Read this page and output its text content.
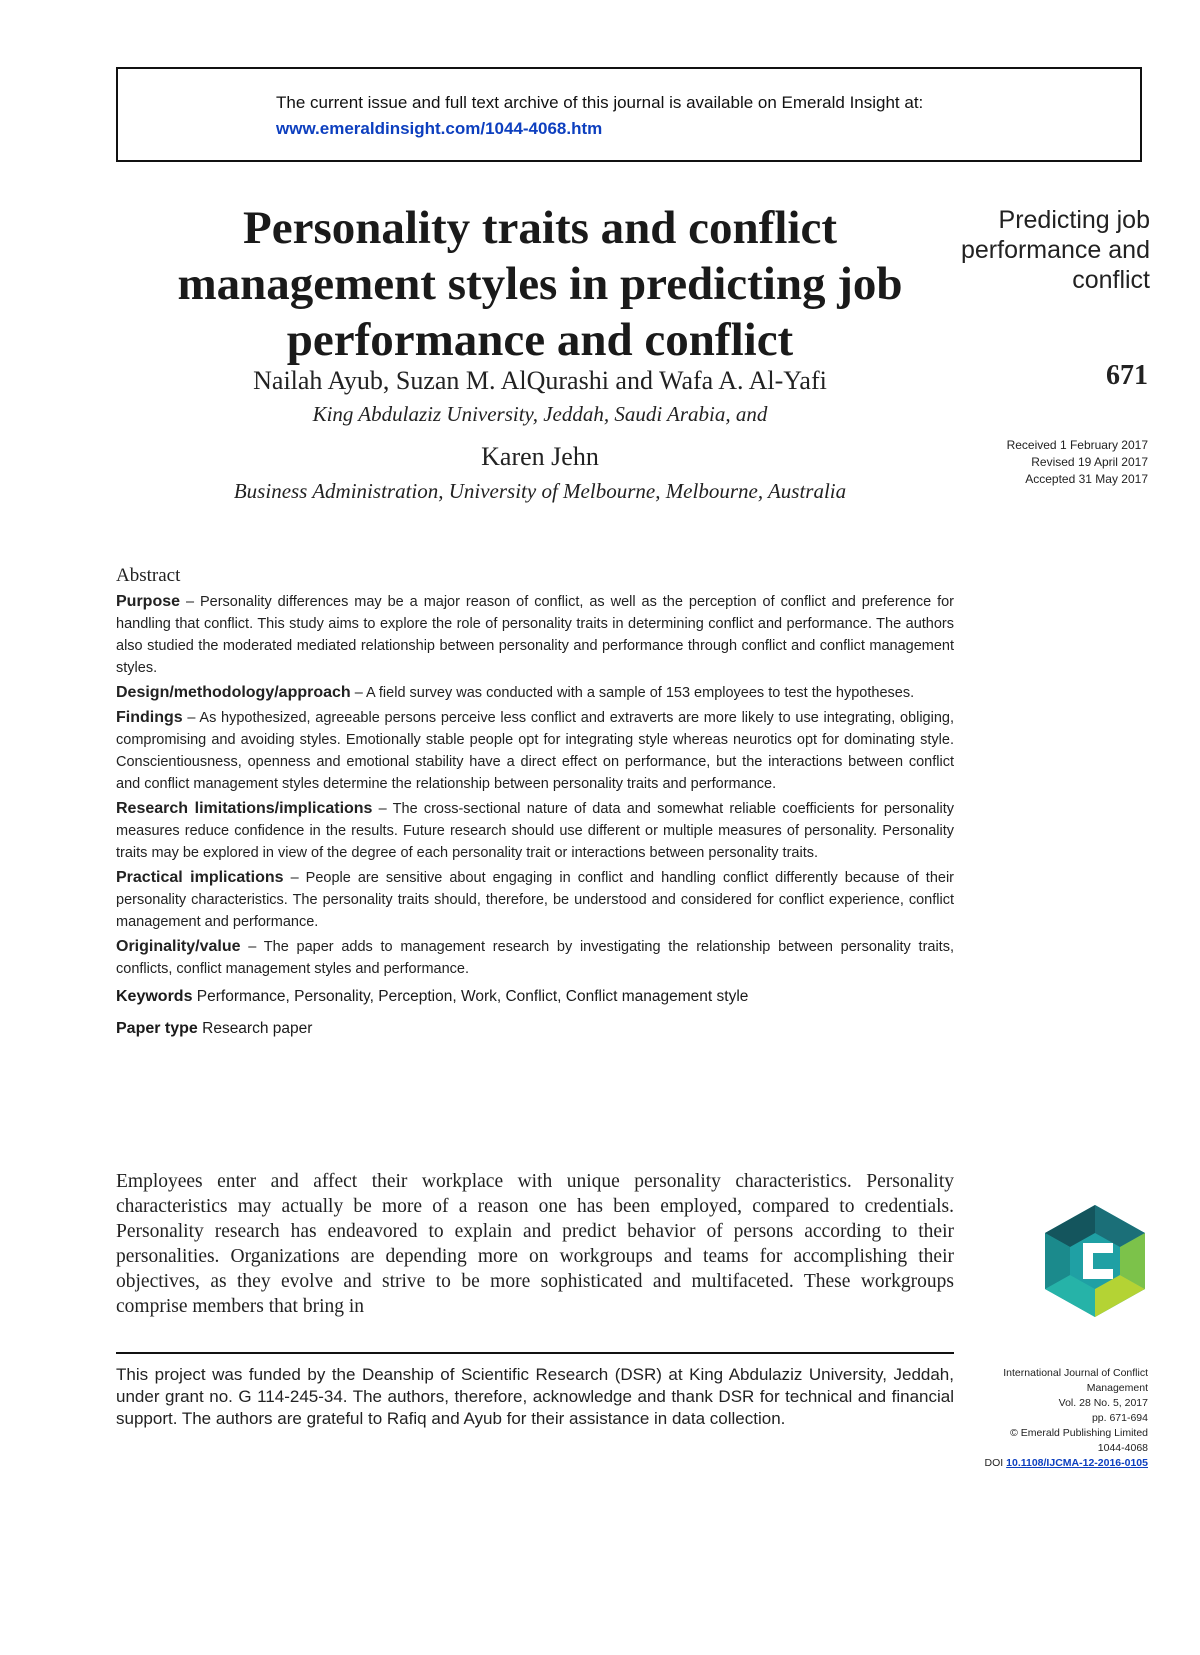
The current issue and full text archive of this journal is available on Emerald Insight at:
www.emeraldinsight.com/1044-4068.htm
Personality traits and conflict management styles in predicting job performance and conflict
Nailah Ayub, Suzan M. AlQurashi and Wafa A. Al-Yafi
King Abdulaziz University, Jeddah, Saudi Arabia, and
Karen Jehn
Business Administration, University of Melbourne, Melbourne, Australia
Predicting job performance and conflict
671
Received 1 February 2017
Revised 19 April 2017
Accepted 31 May 2017
Abstract

Purpose – Personality differences may be a major reason of conflict, as well as the perception of conflict and preference for handling that conflict. This study aims to explore the role of personality traits in determining conflict and performance. The authors also studied the moderated mediated relationship between personality and performance through conflict and conflict management styles.

Design/methodology/approach – A field survey was conducted with a sample of 153 employees to test the hypotheses.

Findings – As hypothesized, agreeable persons perceive less conflict and extraverts are more likely to use integrating, obliging, compromising and avoiding styles. Emotionally stable people opt for integrating style whereas neurotics opt for dominating style. Conscientiousness, openness and emotional stability have a direct effect on performance, but the interactions between conflict and conflict management styles determine the relationship between personality traits and performance.

Research limitations/implications – The cross-sectional nature of data and somewhat reliable coefficients for personality measures reduce confidence in the results. Future research should use different or multiple measures of personality. Personality traits may be explored in view of the degree of each personality trait or interactions between personality traits.

Practical implications – People are sensitive about engaging in conflict and handling conflict differently because of their personality characteristics. The personality traits should, therefore, be understood and considered for conflict experience, conflict management and performance.

Originality/value – The paper adds to management research by investigating the relationship between personality traits, conflicts, conflict management styles and performance.

Keywords Performance, Personality, Perception, Work, Conflict, Conflict management style
Paper type Research paper
Employees enter and affect their workplace with unique personality characteristics. Personality characteristics may actually be more of a reason one has been employed, compared to credentials. Personality research has endeavored to explain and predict behavior of persons according to their personalities. Organizations are depending more on workgroups and teams for accomplishing their objectives, as they evolve and strive to be more sophisticated and multifaceted. These workgroups comprise members that bring in
This project was funded by the Deanship of Scientific Research (DSR) at King Abdulaziz University, Jeddah, under grant no. G 114-245-34. The authors, therefore, acknowledge and thank DSR for technical and financial support. The authors are grateful to Rafiq and Ayub for their assistance in data collection.
International Journal of Conflict
Management
Vol. 28 No. 5, 2017
pp. 671-694
© Emerald Publishing Limited
1044-4068
DOI 10.1108/IJCMA-12-2016-0105
